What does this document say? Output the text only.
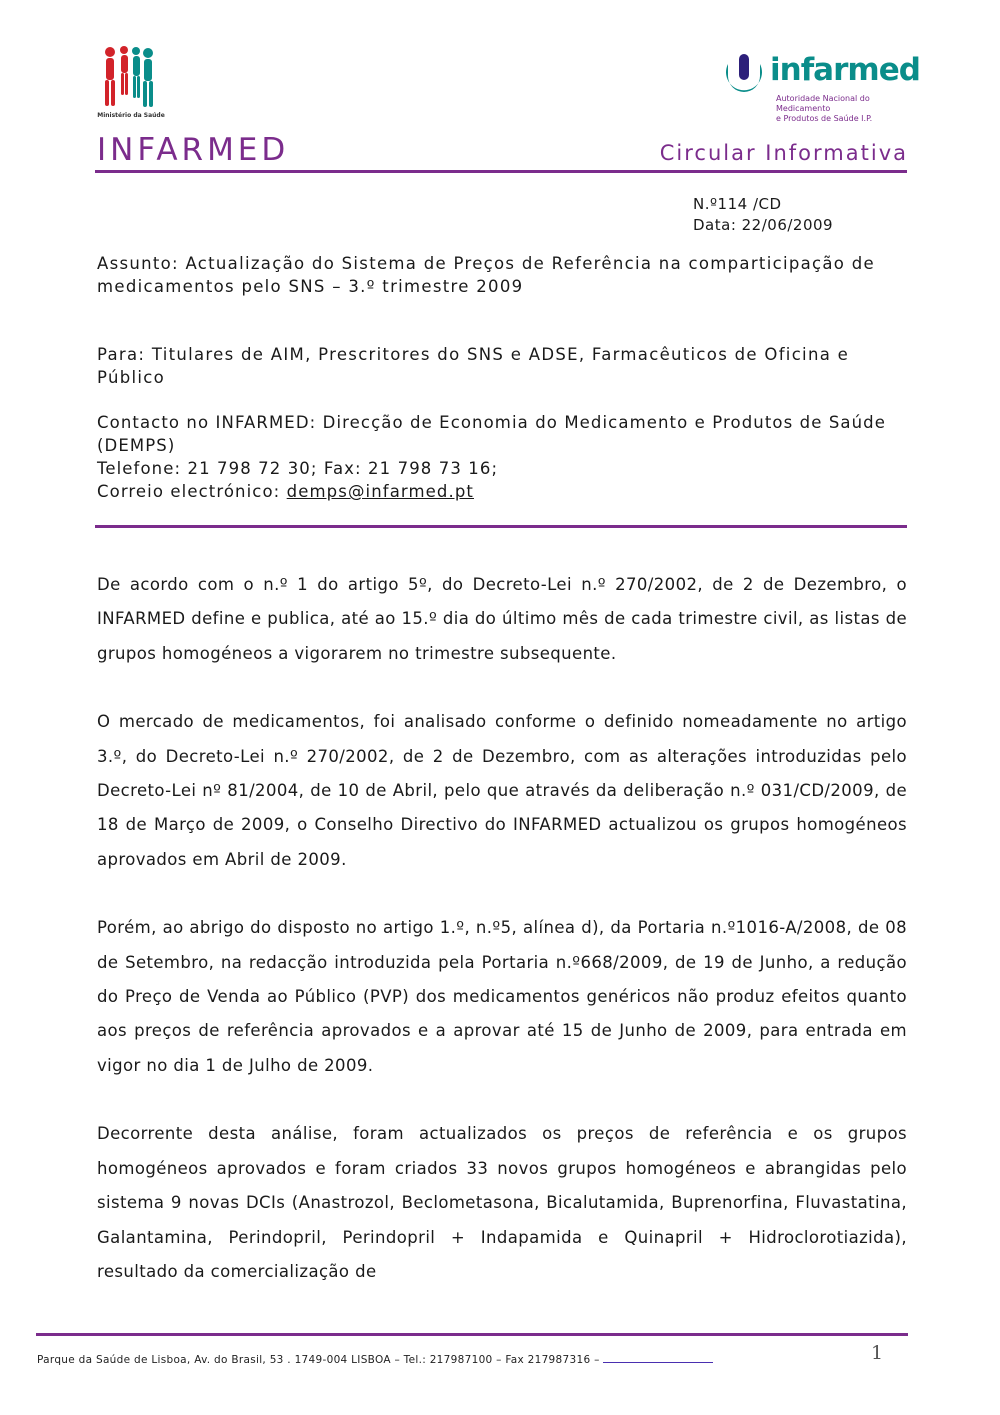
Ministério da Saúde
infarmed
Autoridade Nacional do Medicamento
e Produtos de Saúde I.P.
INFARMED	Circular Informativa
N.º114 /CD
Data: 22/06/2009
Assunto: Actualização do Sistema de Preços de Referência na comparticipação de medicamentos pelo SNS – 3.º trimestre 2009
Para: Titulares de AIM, Prescritores do SNS e ADSE, Farmacêuticos de Oficina e Público
Contacto no INFARMED: Direcção de Economia do Medicamento e Produtos de Saúde (DEMPS)
Telefone: 21 798 72 30; Fax: 21 798 73 16;
Correio electrónico: demps@infarmed.pt

De acordo com o n.º 1 do artigo 5º, do Decreto-Lei n.º 270/2002, de 2 de Dezembro, o INFARMED define e publica, até ao 15.º dia do último mês de cada trimestre civil, as listas de grupos homogéneos a vigorarem no trimestre subsequente.

O mercado de medicamentos, foi analisado conforme o definido nomeadamente no artigo 3.º, do Decreto-Lei n.º 270/2002, de 2 de Dezembro, com as alterações introduzidas pelo Decreto-Lei nº 81/2004, de 10 de Abril, pelo que através da deliberação n.º 031/CD/2009, de 18 de Março de 2009, o Conselho Directivo do INFARMED actualizou os grupos homogéneos aprovados em Abril de 2009.

Porém, ao abrigo do disposto no artigo 1.º, n.º5, alínea d), da Portaria n.º1016-A/2008, de 08 de Setembro, na redacção introduzida pela Portaria n.º668/2009, de 19 de Junho, a redução do Preço de Venda ao Público (PVP) dos medicamentos genéricos não produz efeitos quanto aos preços de referência aprovados e a aprovar até 15 de Junho de 2009, para entrada em vigor no dia 1 de Julho de 2009.

Decorrente desta análise, foram actualizados os preços de referência e os grupos homogéneos aprovados e foram criados 33 novos grupos homogéneos e abrangidas pelo sistema 9 novas DCIs (Anastrozol, Beclometasona, Bicalutamida, Buprenorfina, Fluvastatina, Galantamina, Perindopril, Perindopril + Indapamida e Quinapril + Hidroclorotiazida), resultado da comercialização de

Parque da Saúde de Lisboa, Av. do Brasil, 53 . 1749-004 LISBOA – Tel.: 217987100 – Fax 217987316 –	1
